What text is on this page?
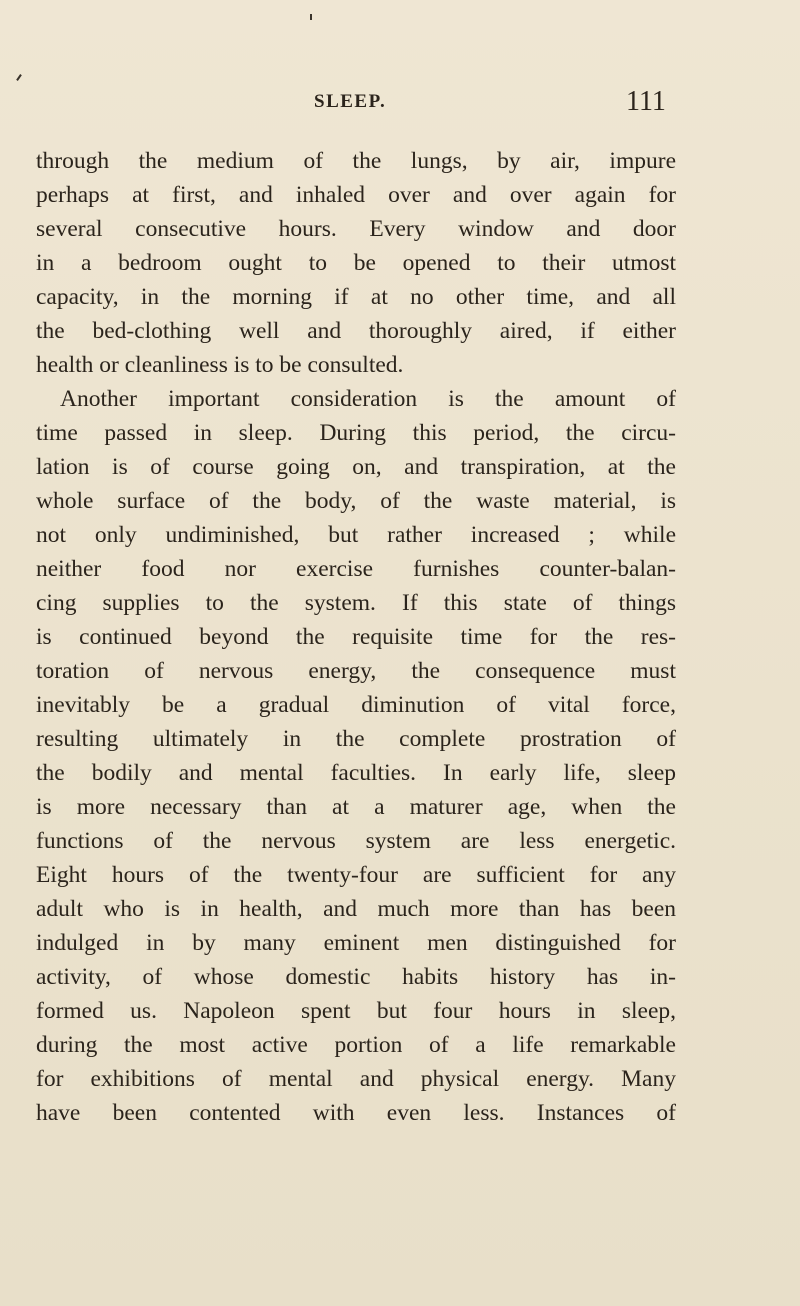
SLEEP.	111
through the medium of the lungs, by air, impure
perhaps at first, and inhaled over and over again for
several consecutive hours. Every window and door
in a bedroom ought to be opened to their utmost
capacity, in the morning if at no other time, and all
the bed-clothing well and thoroughly aired, if either
health or cleanliness is to be consulted.
Another important consideration is the amount of
time passed in sleep. During this period, the circu-
lation is of course going on, and transpiration, at the
whole surface of the body, of the waste material, is
not only undiminished, but rather increased ; while
neither food nor exercise furnishes counter-balan-
cing supplies to the system. If this state of things
is continued beyond the requisite time for the res-
toration of nervous energy, the consequence must
inevitably be a gradual diminution of vital force,
resulting ultimately in the complete prostration of
the bodily and mental faculties. In early life, sleep
is more necessary than at a maturer age, when the
functions of the nervous system are less energetic.
Eight hours of the twenty-four are sufficient for any
adult who is in health, and much more than has been
indulged in by many eminent men distinguished for
activity, of whose domestic habits history has in-
formed us. Napoleon spent but four hours in sleep,
during the most active portion of a life remarkable
for exhibitions of mental and physical energy. Many
have been contented with even less. Instances of
